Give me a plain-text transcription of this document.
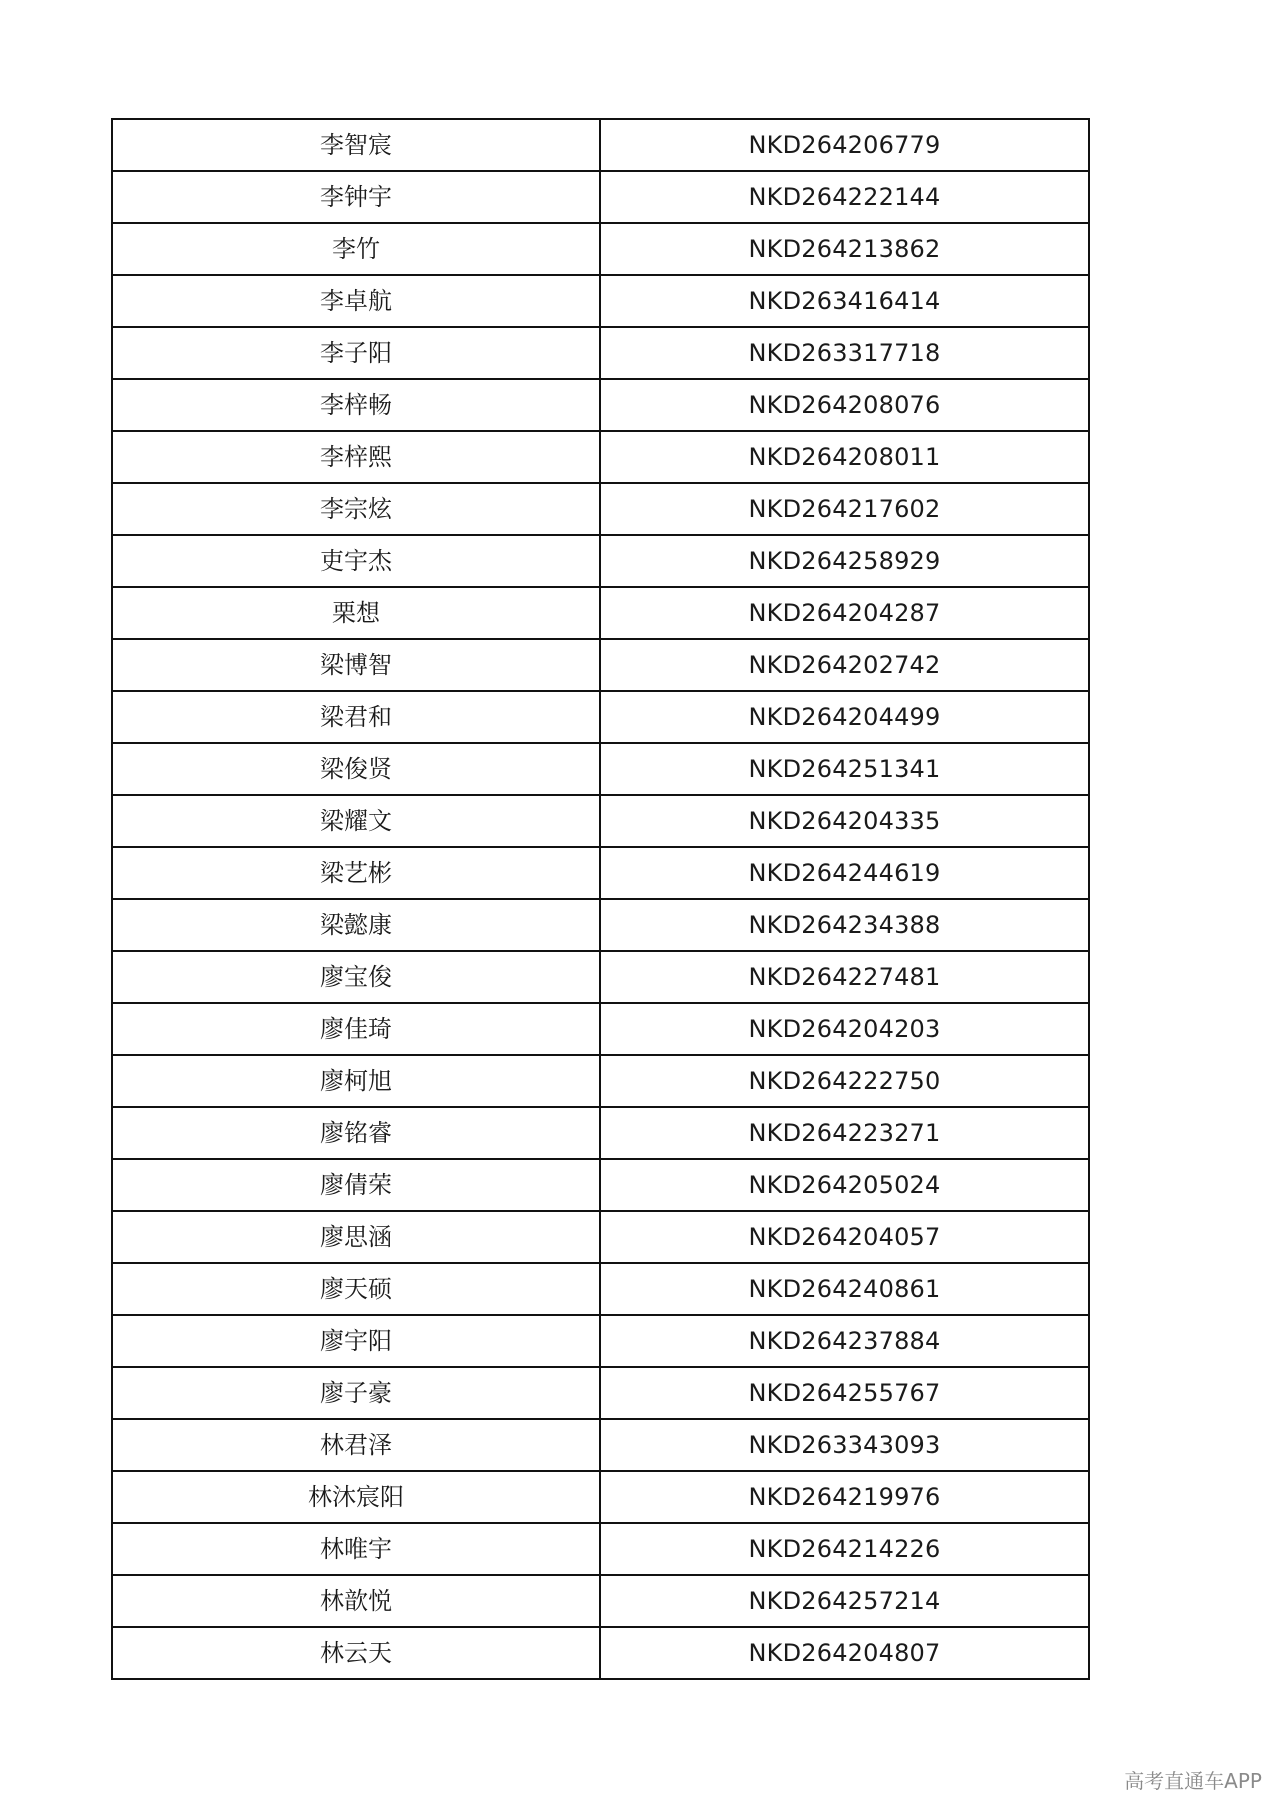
李智宸	NKD264206779
李钟宇	NKD264222144
李竹	NKD264213862
李卓航	NKD263416414
李子阳	NKD263317718
李梓畅	NKD264208076
李梓熙	NKD264208011
李宗炫	NKD264217602
吏宇杰	NKD264258929
栗想	NKD264204287
梁博智	NKD264202742
梁君和	NKD264204499
梁俊贤	NKD264251341
梁耀文	NKD264204335
梁艺彬	NKD264244619
梁懿康	NKD264234388
廖宝俊	NKD264227481
廖佳琦	NKD264204203
廖柯旭	NKD264222750
廖铭睿	NKD264223271
廖倩荣	NKD264205024
廖思涵	NKD264204057
廖天硕	NKD264240861
廖宇阳	NKD264237884
廖子豪	NKD264255767
林君泽	NKD263343093
林沐宸阳	NKD264219976
林唯宇	NKD264214226
林歆悦	NKD264257214
林云天	NKD264204807
高考直通车APP
